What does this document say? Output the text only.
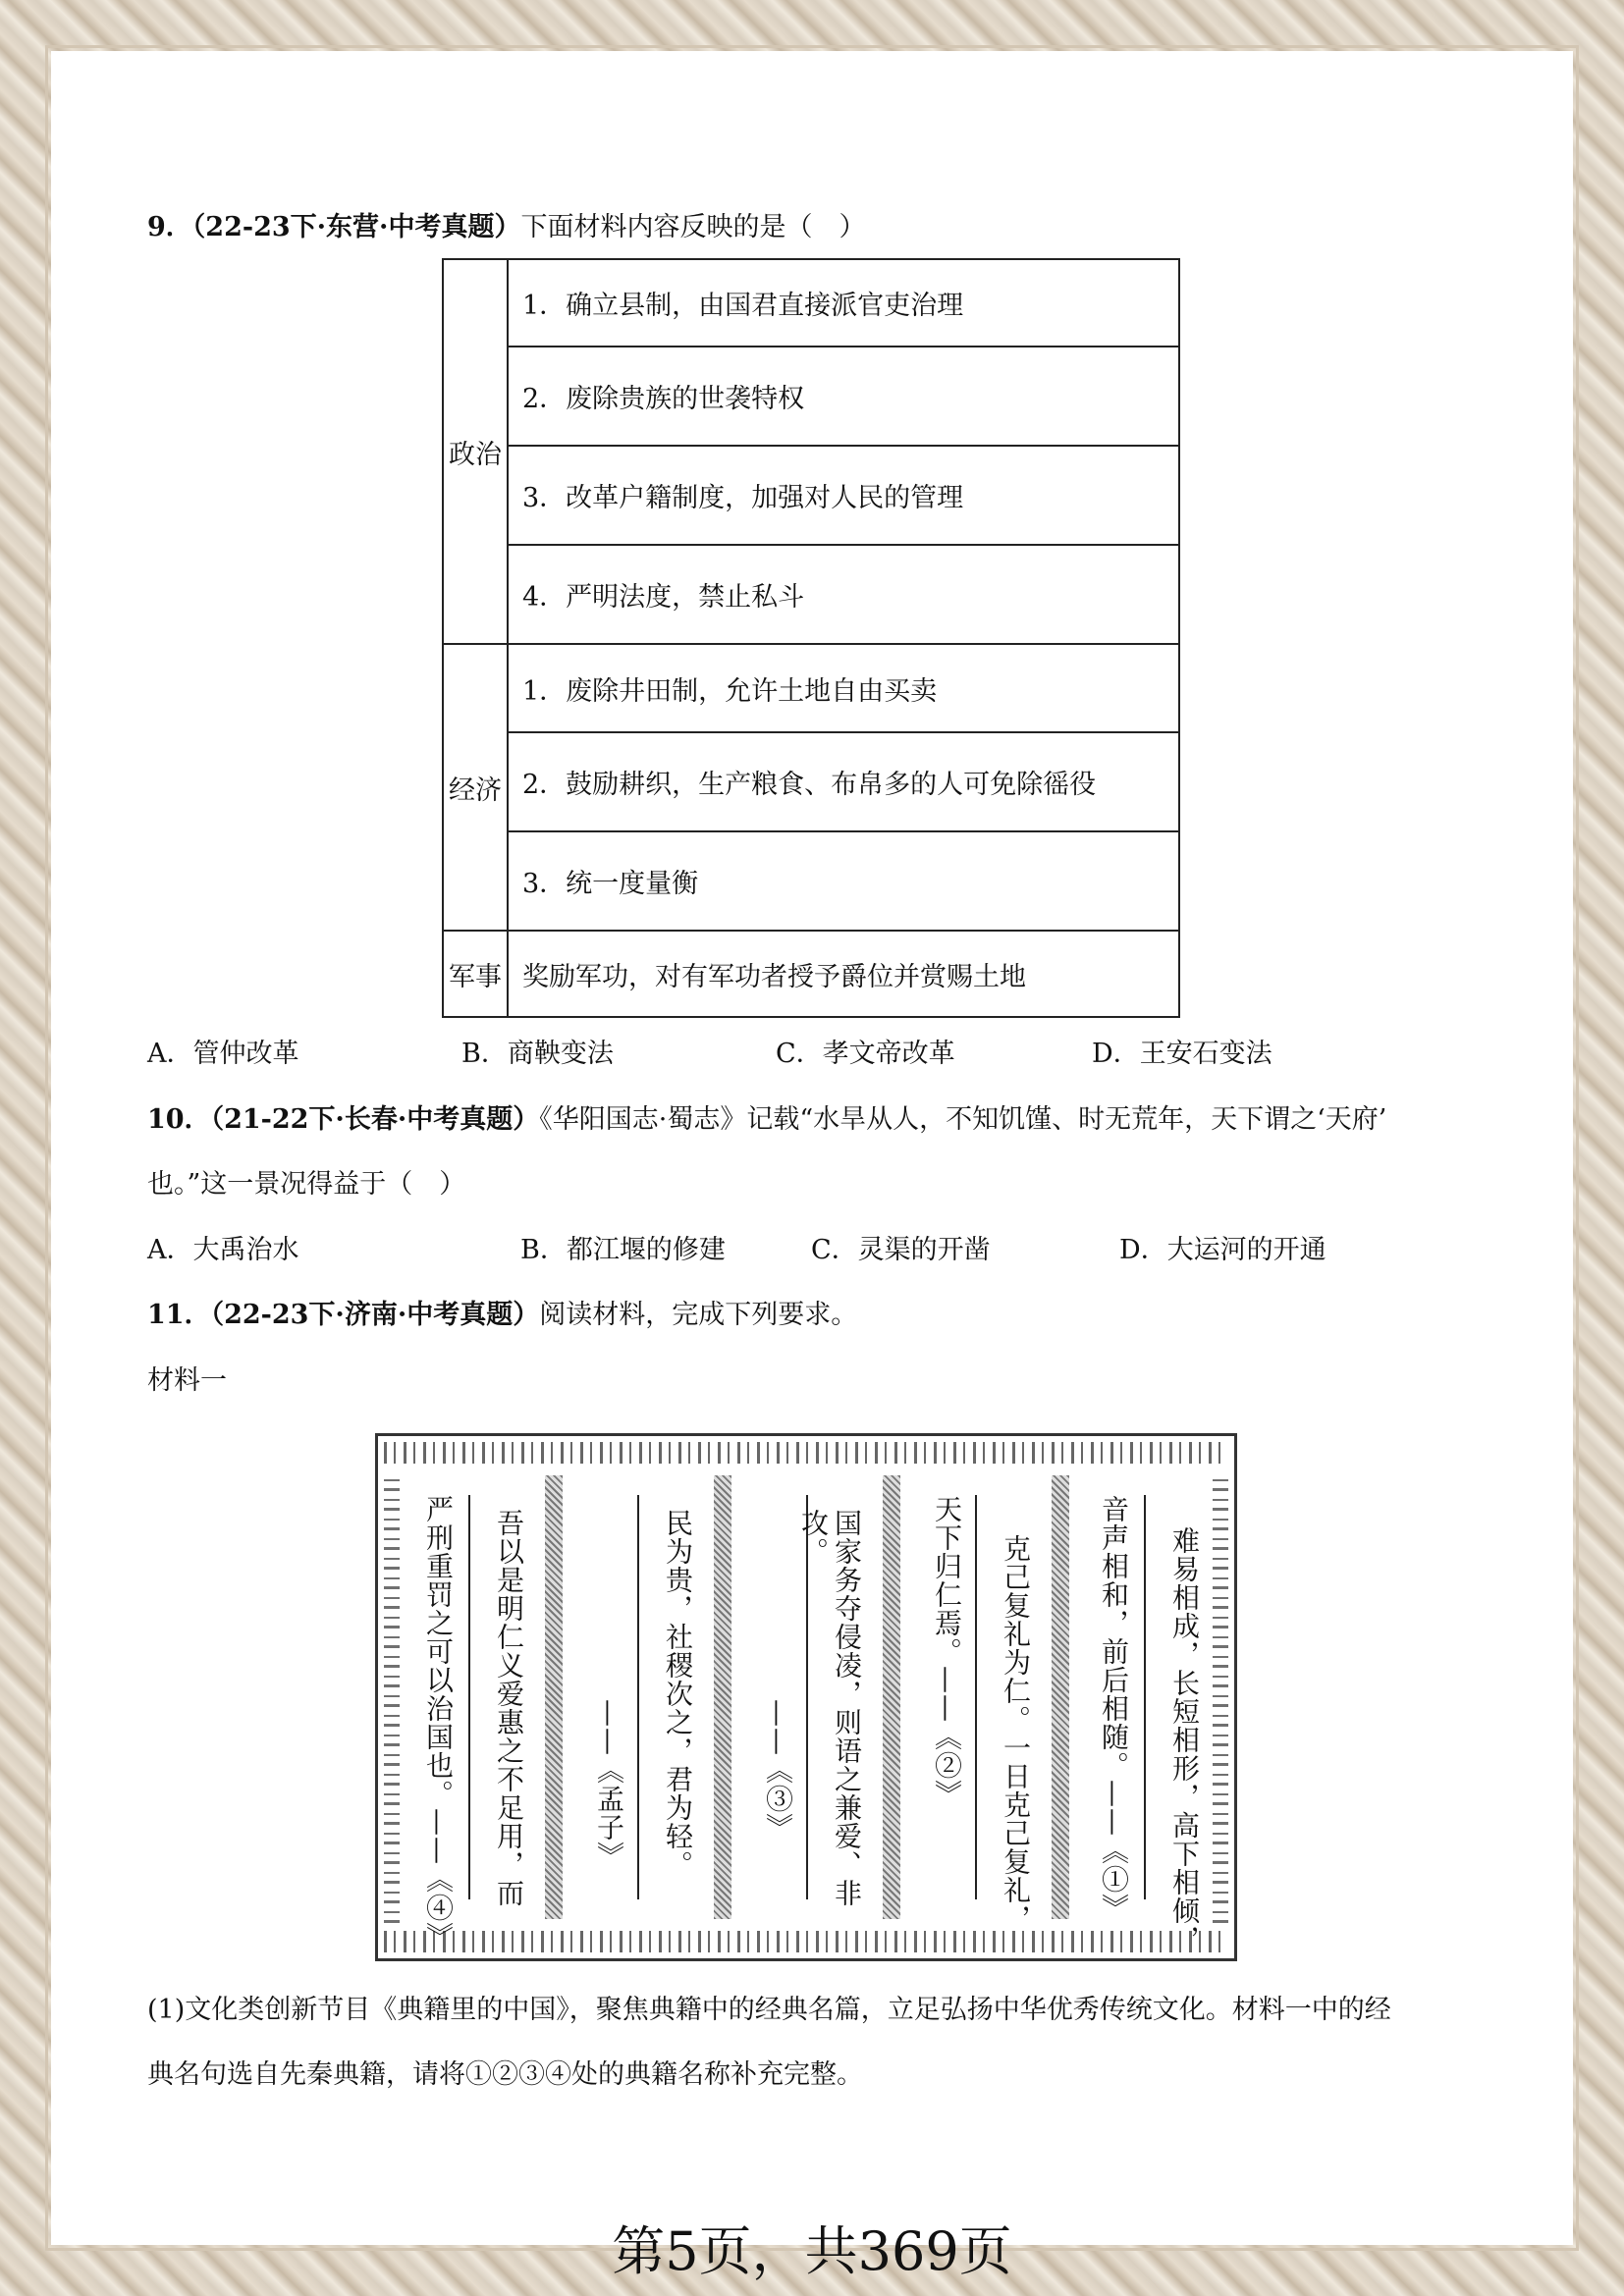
9．（22-23下·东营·中考真题）下面材料内容反映的是（　）
政治	1．确立县制，由国君直接派官吏治理
	2．废除贵族的世袭特权
	3．改革户籍制度，加强对人民的管理
	4．严明法度，禁止私斗
经济	1．废除井田制，允许土地自由买卖
	2．鼓励耕织，生产粮食、布帛多的人可免除徭役
	3．统一度量衡
军事	奖励军功，对有军功者授予爵位并赏赐土地
A．管仲改革	B．商鞅变法	C．孝文帝改革	D．王安石变法
10．（21-22下·长春·中考真题）《华阳国志·蜀志》记载“水旱从人，不知饥馑、时无荒年，天下谓之‘天府’
也。”这一景况得益于（　）
A．大禹治水	B．都江堰的修建	C．灵渠的开凿	D．大运河的开通
11．（22-23下·济南·中考真题）阅读材料，完成下列要求。
材料一
难易相成，长短相形，高下相倾，
音声相和，前后相随。——《①》
克己复礼为仁。一日克己复礼，
天下归仁焉。——《②》
国家务夺侵凌，则语之兼爱、非攻。
——《③》
民为贵，社稷次之，君为轻。
——《孟子》
吾以是明仁义爱惠之不足用，而
严刑重罚之可以治国也。——《④》
(1)文化类创新节目《典籍里的中国》，聚焦典籍中的经典名篇，立足弘扬中华优秀传统文化。材料一中的经
典名句选自先秦典籍，请将①②③④处的典籍名称补充完整。
第5页，共369页
